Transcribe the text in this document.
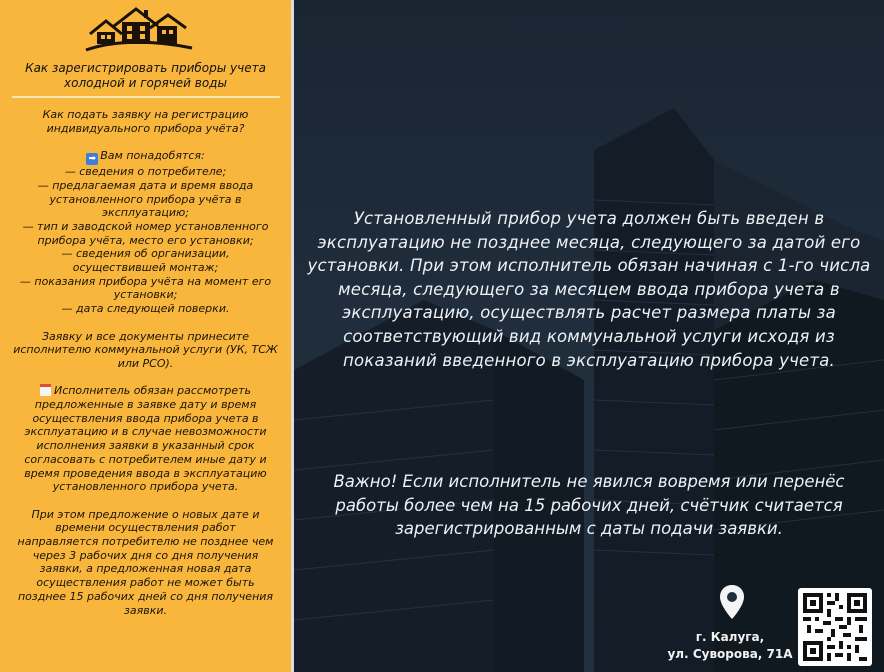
Как зарегистрировать приборы учета
холодной и горячей воды

Как подать заявку на регистрацию
индивидуального прибора учёта?

➡ Вам понадобятся:
— сведения о потребителе;
— предлагаемая дата и время ввода
установленного прибора учёта в
эксплуатацию;
— тип и заводской номер установленного
прибора учёта, место его установки;
— сведения об организации,
осуществившей монтаж;
— показания прибора учёта на момент его
установки;
— дата следующей поверки.

Заявку и все документы принесите
исполнителю коммунальной услуги (УК, ТСЖ
или РСО).

Исполнитель обязан рассмотреть
предложенные в заявке дату и время
осуществления ввода прибора учета в
эксплуатацию и в случае невозможности
исполнения заявки в указанный срок
согласовать с потребителем иные дату и
время проведения ввода в эксплуатацию
установленного прибора учета.

При этом предложение о новых дате и
времени осуществления работ
направляется потребителю не позднее чем
через 3 рабочих дня со дня получения
заявки, а предложенная новая дата
осуществления работ не может быть
позднее 15 рабочих дней со дня получения
заявки.

Установленный прибор учета должен быть введен в
эксплуатацию не позднее месяца, следующего за датой его
установки. При этом исполнитель обязан начиная с 1-го числа
месяца, следующего за месяцем ввода прибора учета в
эксплуатацию, осуществлять расчет размера платы за
соответствующий вид коммунальной услуги исходя из
показаний введенного в эксплуатацию прибора учета.
Важно! Если исполнитель не явился вовремя или перенёс
работы более чем на 15 рабочих дней, счётчик считается
зарегистрированным с даты подачи заявки.
г. Калуга,
ул. Суворова, 71А
